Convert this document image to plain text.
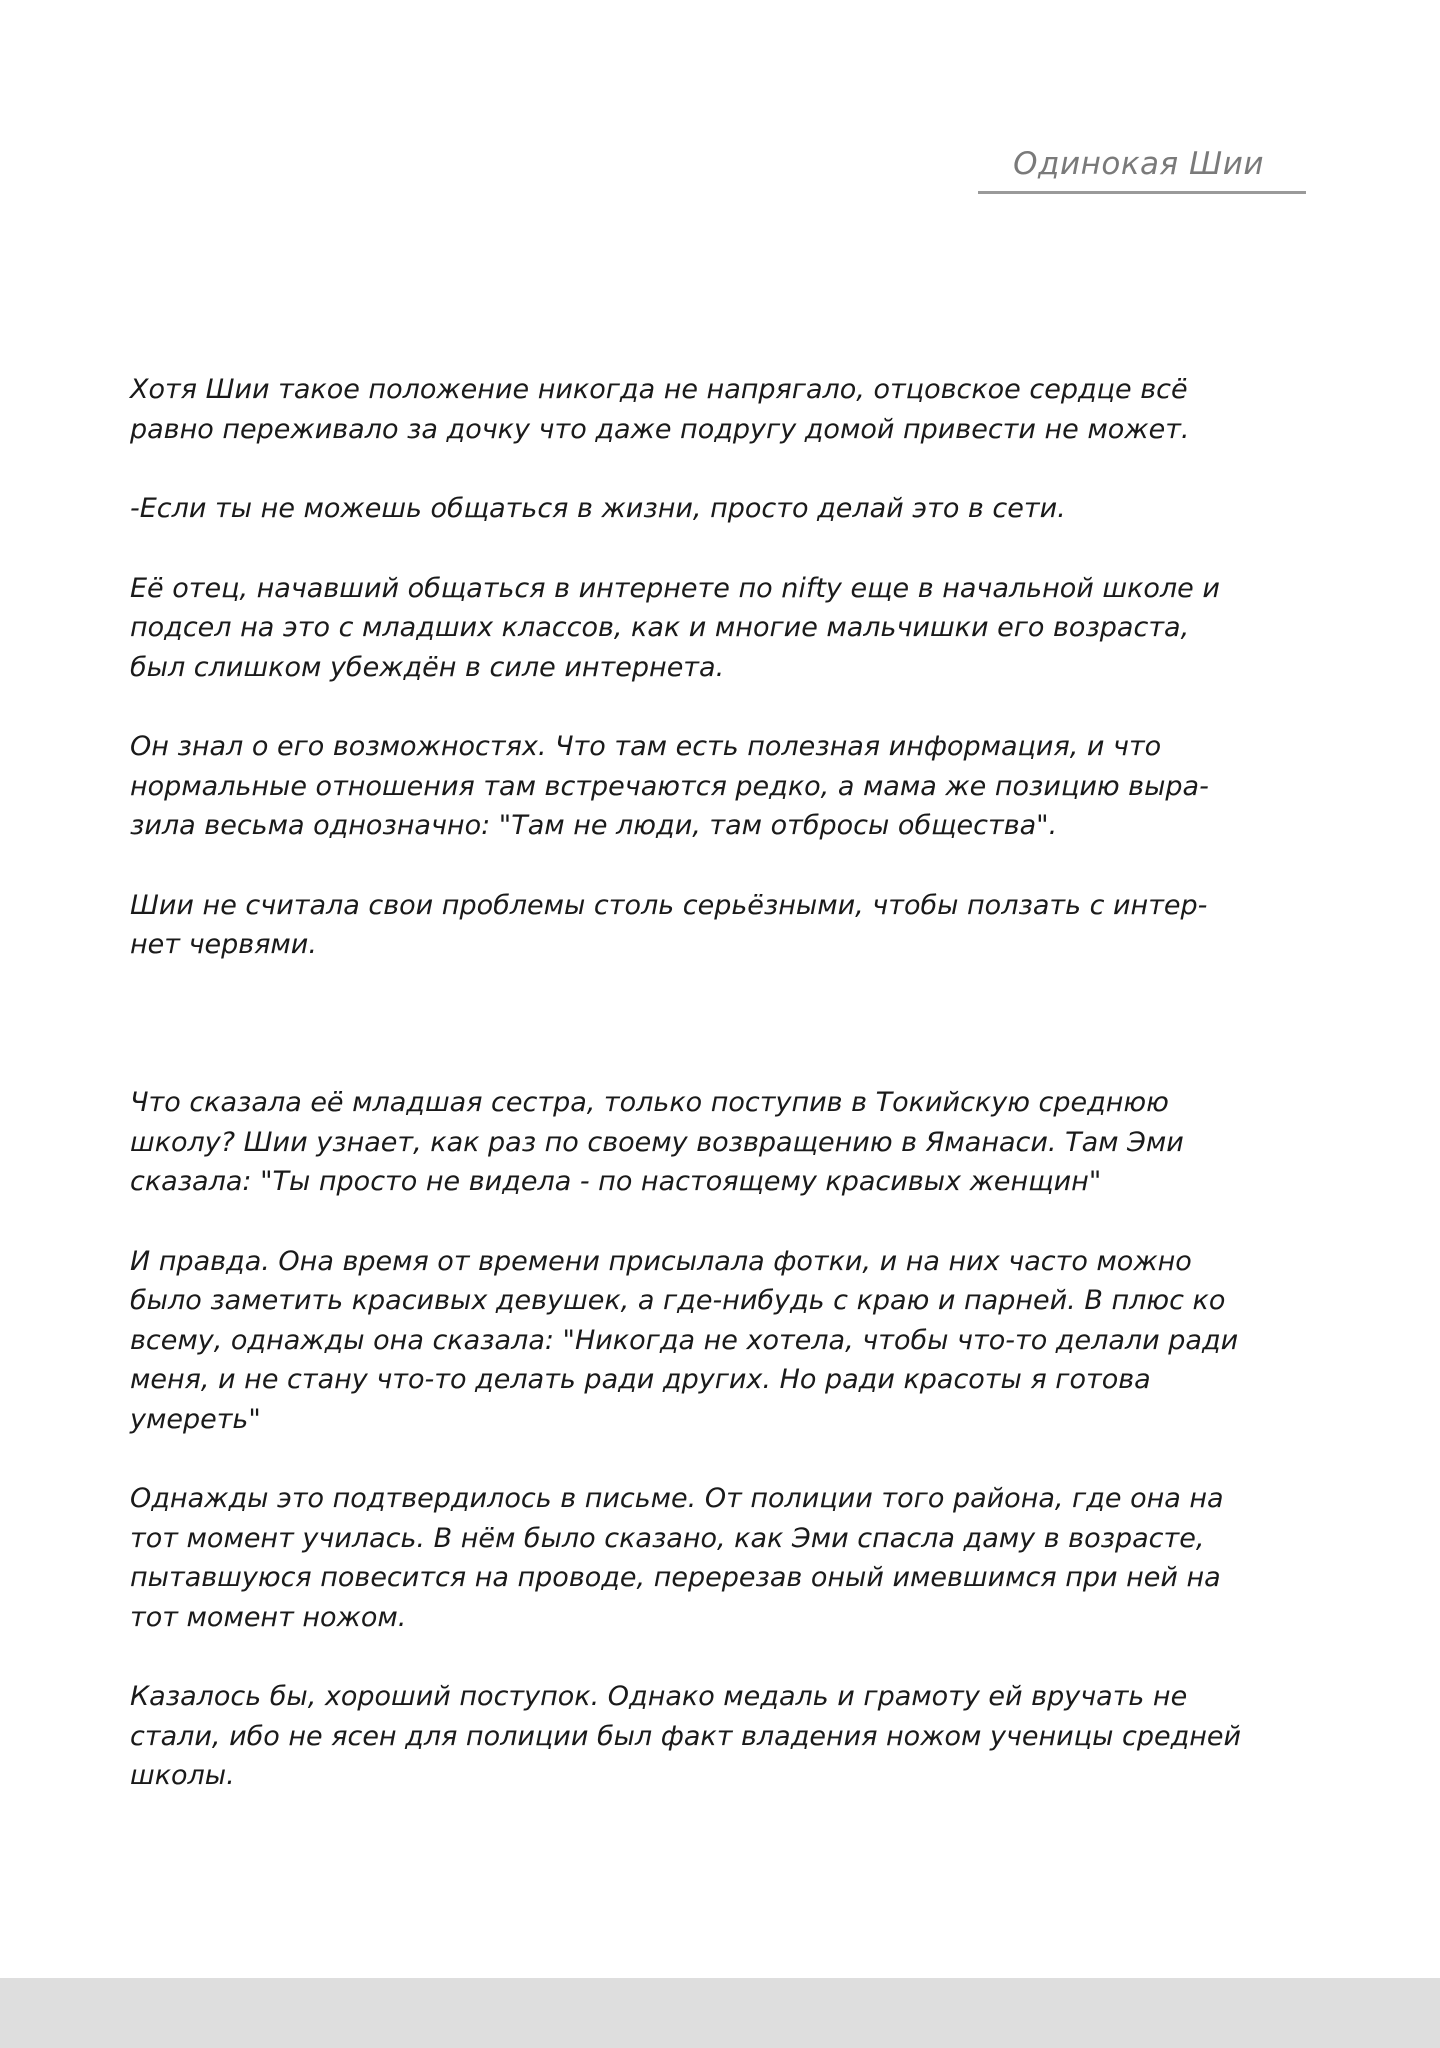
Одинокая Шии

Хотя Шии такое положение никогда не напрягало, отцовское сердце всё
равно переживало за дочку что даже подругу домой привести не может.

-Если ты не можешь общаться в жизни, просто делай это в сети.

Её отец, начавший общаться в интернете по nifty еще в начальной школе и
подсел на это с младших классов, как и многие мальчишки его возраста,
был слишком убеждён в силе интернета.

Он знал о его возможностях. Что там есть полезная информация, и что
нормальные отношения там встречаются редко, а мама же позицию выра-
зила весьма однозначно: "Там не люди, там отбросы общества".

Шии не считала свои проблемы столь серьёзными, чтобы ползать с интер-
нет червями.

Что сказала её младшая сестра, только поступив в Токийскую среднюю
школу? Шии узнает, как раз по своему возвращению в Яманаси. Там Эми
сказала: "Ты просто не видела - по настоящему красивых женщин"

И правда. Она время от времени присылала фотки, и на них часто можно
было заметить красивых девушек, а где-нибудь с краю и парней. В плюс ко
всему, однажды она сказала: "Никогда не хотела, чтобы что-то делали ради
меня, и не стану что-то делать ради других. Но ради красоты я готова
умереть"

Однажды это подтвердилось в письме. От полиции того района, где она на
тот момент училась. В нём было сказано, как Эми спасла даму в возрасте,
пытавшуюся повесится на проводе, перерезав оный имевшимся при ней на
тот момент ножом.

Казалось бы, хороший поступок. Однако медаль и грамоту ей вручать не
стали, ибо не ясен для полиции был факт владения ножом ученицы средней
школы.
